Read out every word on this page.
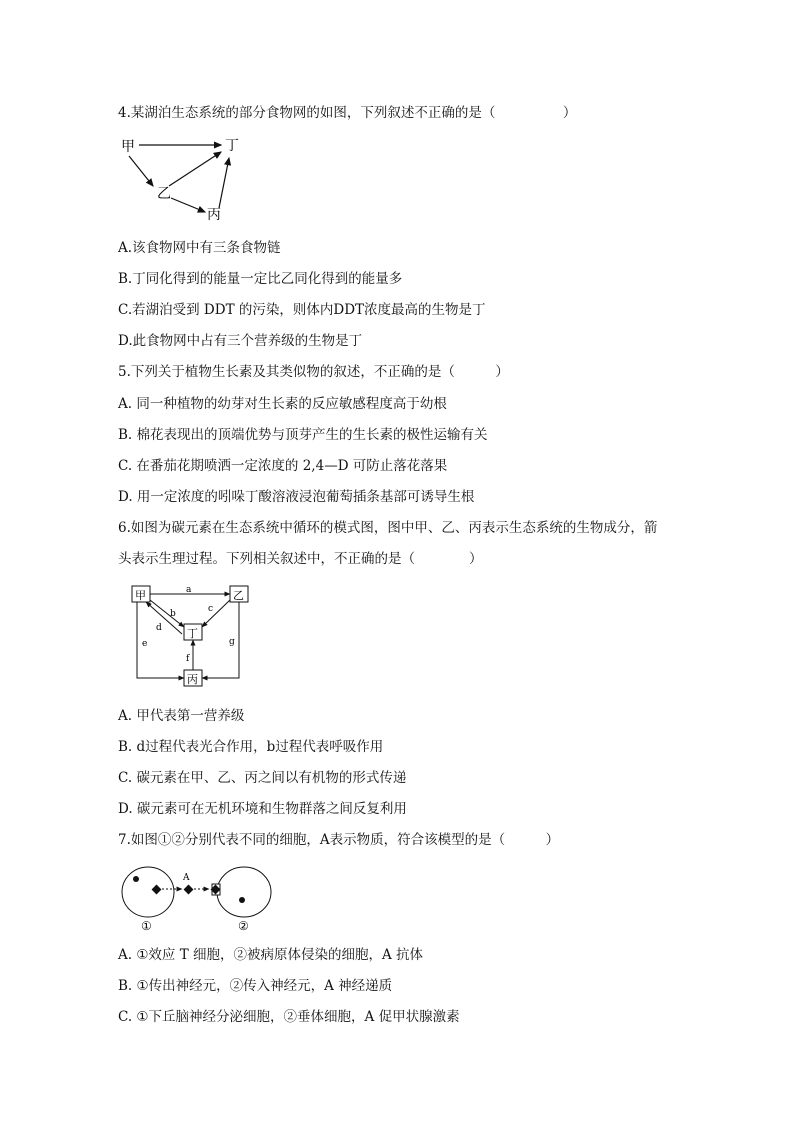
4.某湖泊生态系统的部分食物网的如图，下列叙述不正确的是（　　　　　）
甲	丁
乙
丙
A.该食物网中有三条食物链
B.丁同化得到的能量一定比乙同化得到的能量多
C.若湖泊受到 DDT 的污染，则体内DDT浓度最高的生物是丁
D.此食物网中占有三个营养级的生物是丁
5.下列关于植物生长素及其类似物的叙述，不正确的是（　　　）
A. 同一种植物的幼芽对生长素的反应敏感程度高于幼根
B. 棉花表现出的顶端优势与顶芽产生的生长素的极性运输有关
C. 在番茄花期喷洒一定浓度的 2,4—D 可防止落花落果
D. 用一定浓度的吲哚丁酸溶液浸泡葡萄插条基部可诱导生根
6.如图为碳元素在生态系统中循环的模式图，图中甲、乙、丙表示生态系统的生物成分，箭
头表示生理过程。下列相关叙述中，不正确的是（　　　　）
甲	乙
丁
丙
a
b
d
c
e
f
g
A. 甲代表第一营养级
B. d过程代表光合作用，b过程代表呼吸作用
C. 碳元素在甲、乙、丙之间以有机物的形式传递
D. 碳元素可在无机环境和生物群落之间反复利用
7.如图①②分别代表不同的细胞，A表示物质，符合该模型的是（　　　）
A
①	②
A. ①效应 T 细胞，②被病原体侵染的细胞，A 抗体
B. ①传出神经元，②传入神经元，A 神经递质
C. ①下丘脑神经分泌细胞，②垂体细胞，A 促甲状腺激素
